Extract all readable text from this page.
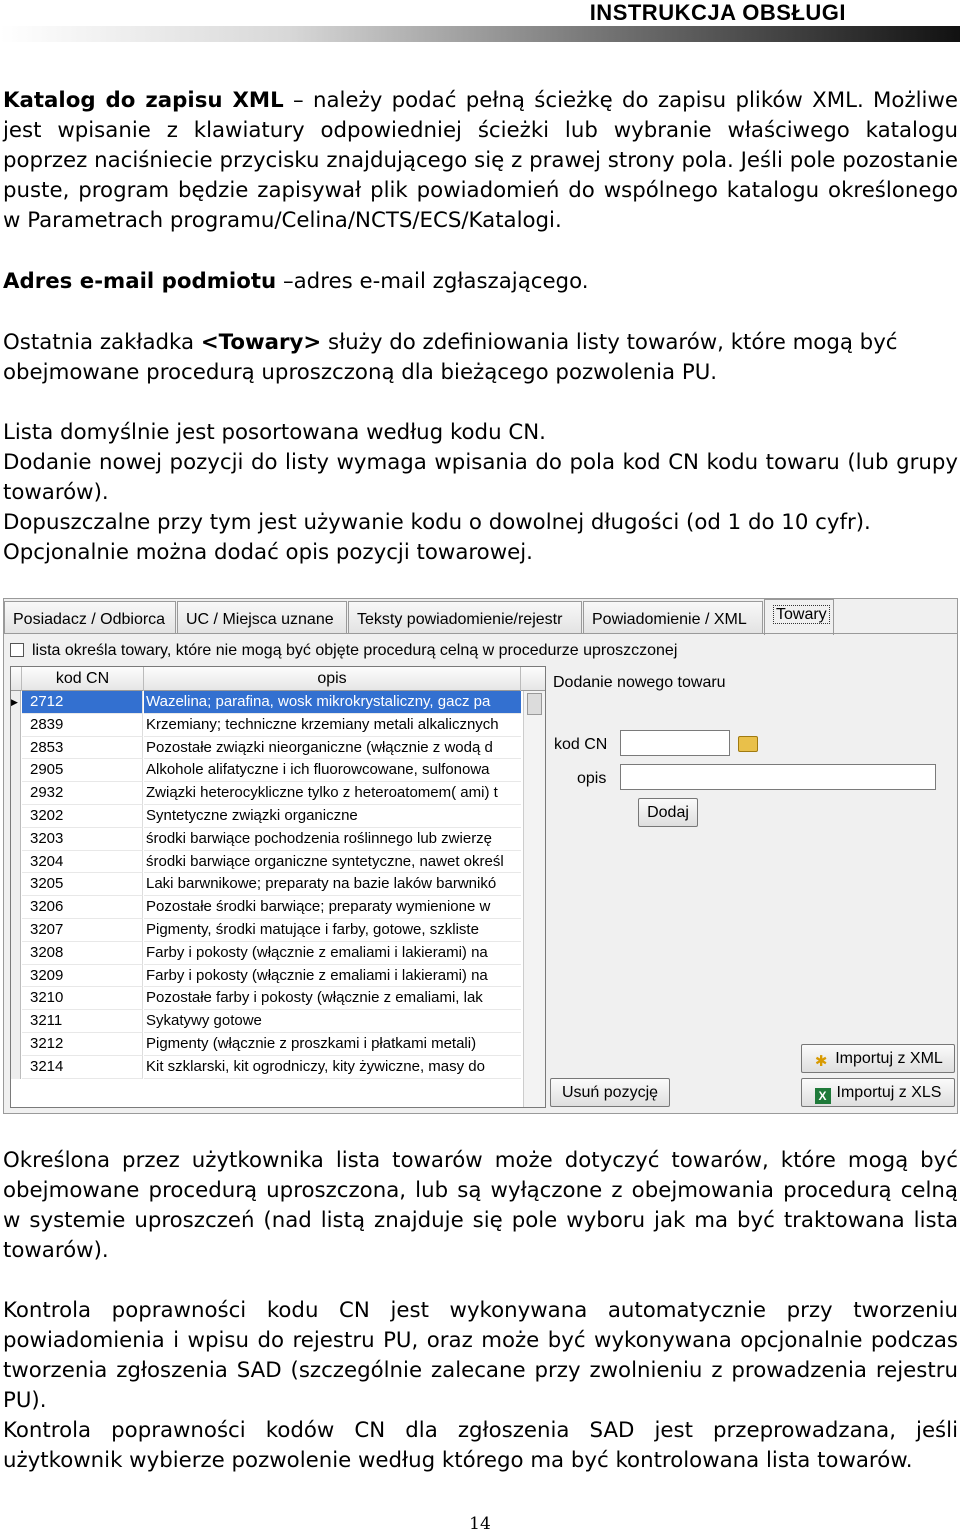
INSTRUKCJA OBSŁUGI
Katalog do zapisu XML – należy podać pełną ścieżkę do zapisu plików XML. Możliwe jest wpisanie z klawiatury odpowiedniej ścieżki lub wybranie właściwego katalogu poprzez naciśniecie przycisku znajdującego się z prawej strony pola. Jeśli pole pozostanie puste, program będzie zapisywał plik powiadomień do wspólnego katalogu określonego w Parametrach programu/Celina/NCTS/ECS/Katalogi.
Adres e-mail podmiotu –adres e-mail zgłaszającego.
Ostatnia zakładka <Towary> służy do zdefiniowania listy towarów, które mogą być obejmowane procedurą uproszczoną dla bieżącego pozwolenia PU.
Lista domyślnie jest posortowana według kodu CN.
Dodanie nowej pozycji do listy wymaga wpisania do pola kod CN kodu towaru (lub grupy towarów).
Dopuszczalne przy tym jest używanie kodu o dowolnej długości (od 1 do 10 cyfr).
Opcjonalnie można dodać opis pozycji towarowej.
Posiadacz / Odbiorca	UC / Miejsca uznane	Teksty powiadomienie/rejestr	Powiadomienie / XML	Towary
lista określa towary, które nie mogą być objęte procedurą celną w procedurze uproszczonej
kod CN	opis
▶ 2712	Wazelina; parafina, wosk mikrokrystaliczny, gacz pa
2839	Krzemiany; techniczne krzemiany metali alkalicznych
2853	Pozostałe związki nieorganiczne (włącznie z wodą d
2905	Alkohole alifatyczne i ich fluorowcowane, sulfonowa
2932	Związki heterocykliczne tylko z heteroatomem( ami) t
3202	Syntetyczne związki organiczne
3203	środki barwiące pochodzenia roślinnego lub zwierzę
3204	środki barwiące organiczne syntetyczne, nawet określ
3205	Laki barwnikowe; preparaty na bazie laków barwnikó
3206	Pozostałe środki barwiące; preparaty wymienione w
3207	Pigmenty, środki matujące i farby, gotowe, szkliste
3208	Farby i pokosty (włącznie z emaliami i lakierami) na
3209	Farby i pokosty (włącznie z emaliami i lakierami) na
3210	Pozostałe farby i pokosty (włącznie z emaliami, lak
3211	Sykatywy gotowe
3212	Pigmenty (włącznie z proszkami i płatkami metali)
3214	Kit szklarski, kit ogrodniczy, kity żywiczne, masy do
Dodanie nowego towaru
kod CN
opis
Dodaj
Usuń pozycję
✱ Importuj z XML
X Importuj z XLS
Określona przez użytkownika lista towarów może dotyczyć towarów, które mogą być obejmowane procedurą uproszczona, lub są wyłączone z obejmowania procedurą celną w systemie uproszczeń (nad listą znajduje się pole wyboru jak ma być traktowana lista towarów).
Kontrola poprawności kodu CN jest wykonywana automatycznie przy tworzeniu powiadomienia i wpisu do rejestru PU, oraz może być wykonywana opcjonalnie podczas tworzenia zgłoszenia SAD (szczególnie zalecane przy zwolnieniu z prowadzenia rejestru PU).
Kontrola poprawności kodów CN dla zgłoszenia SAD jest przeprowadzana, jeśli użytkownik wybierze pozwolenie według którego ma być kontrolowana lista towarów.
14
